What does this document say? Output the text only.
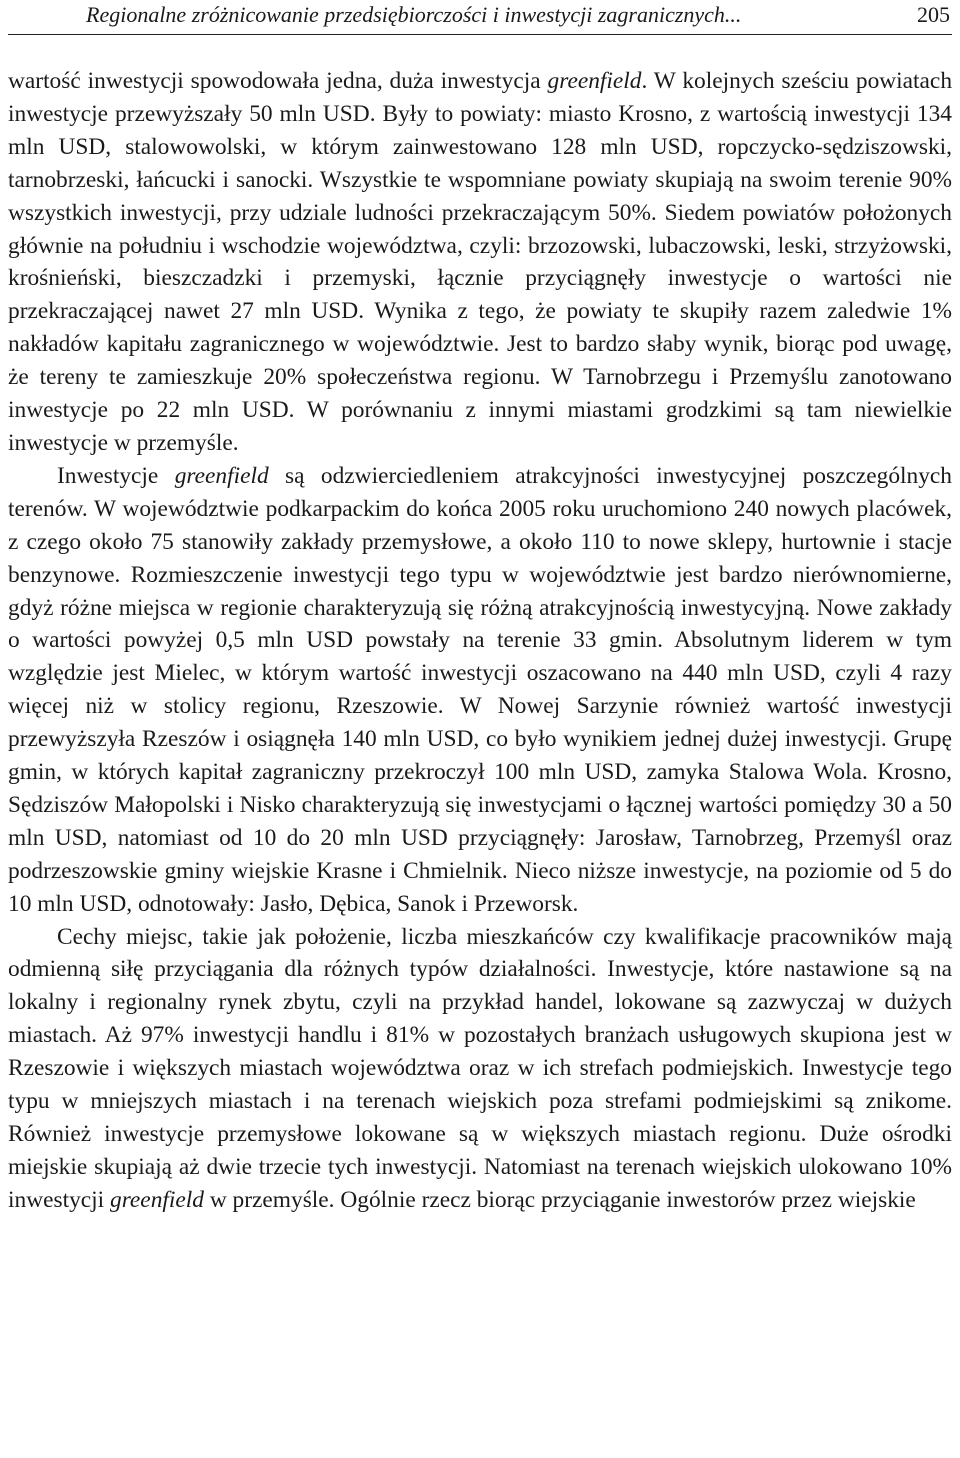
Regionalne zróżnicowanie przedsiębiorczości i inwestycji zagranicznych...	205

wartość inwestycji spowodowała jedna, duża inwestycja greenfield. W kolejnych sześciu powiatach inwestycje przewyższały 50 mln USD. Były to powiaty: miasto Krosno, z wartością inwestycji 134 mln USD, stalowowolski, w którym zainwestowano 128 mln USD, ropczycko-sędziszowski, tarnobrzeski, łańcucki i sanocki. Wszystkie te wspomniane powiaty skupiają na swoim terenie 90% wszystkich inwestycji, przy udziale ludności przekraczającym 50%. Siedem powiatów położonych głównie na południu i wschodzie województwa, czyli: brzozowski, lubaczowski, leski, strzyżowski, krośnieński, bieszczadzki i przemyski, łącznie przyciągnęły inwestycje o wartości nie przekraczającej nawet 27 mln USD. Wynika z tego, że powiaty te skupiły razem zaledwie 1% nakładów kapitału zagranicznego w województwie. Jest to bardzo słaby wynik, biorąc pod uwagę, że tereny te zamieszkuje 20% społeczeństwa regionu. W Tarnobrzegu i Przemyślu zanotowano inwestycje po 22 mln USD. W porównaniu z innymi miastami grodzkimi są tam niewielkie inwestycje w przemyśle.

Inwestycje greenfield są odzwierciedleniem atrakcyjności inwestycyjnej poszczególnych terenów. W województwie podkarpackim do końca 2005 roku uruchomiono 240 nowych placówek, z czego około 75 stanowiły zakłady przemysłowe, a około 110 to nowe sklepy, hurtownie i stacje benzynowe. Rozmieszczenie inwestycji tego typu w województwie jest bardzo nierównomierne, gdyż różne miejsca w regionie charakteryzują się różną atrakcyjnością inwestycyjną. Nowe zakłady o wartości powyżej 0,5 mln USD powstały na terenie 33 gmin. Absolutnym liderem w tym względzie jest Mielec, w którym wartość inwestycji oszacowano na 440 mln USD, czyli 4 razy więcej niż w stolicy regionu, Rzeszowie. W Nowej Sarzynie również wartość inwestycji przewyższyła Rzeszów i osiągnęła 140 mln USD, co było wynikiem jednej dużej inwestycji. Grupę gmin, w których kapitał zagraniczny przekroczył 100 mln USD, zamyka Stalowa Wola. Krosno, Sędziszów Małopolski i Nisko charakteryzują się inwestycjami o łącznej wartości pomiędzy 30 a 50 mln USD, natomiast od 10 do 20 mln USD przyciągnęły: Jarosław, Tarnobrzeg, Przemyśl oraz podrzeszowskie gminy wiejskie Krasne i Chmielnik. Nieco niższe inwestycje, na poziomie od 5 do 10 mln USD, odnotowały: Jasło, Dębica, Sanok i Przeworsk.

Cechy miejsc, takie jak położenie, liczba mieszkańców czy kwalifikacje pracowników mają odmienną siłę przyciągania dla różnych typów działalności. Inwestycje, które nastawione są na lokalny i regionalny rynek zbytu, czyli na przykład handel, lokowane są zazwyczaj w dużych miastach. Aż 97% inwestycji handlu i 81% w pozostałych branżach usługowych skupiona jest w Rzeszowie i większych miastach województwa oraz w ich strefach podmiejskich. Inwestycje tego typu w mniejszych miastach i na terenach wiejskich poza strefami podmiejskimi są znikome. Również inwestycje przemysłowe lokowane są w większych miastach regionu. Duże ośrodki miejskie skupiają aż dwie trzecie tych inwestycji. Natomiast na terenach wiejskich ulokowano 10% inwestycji greenfield w przemyśle. Ogólnie rzecz biorąc przyciąganie inwestorów przez wiejskie
